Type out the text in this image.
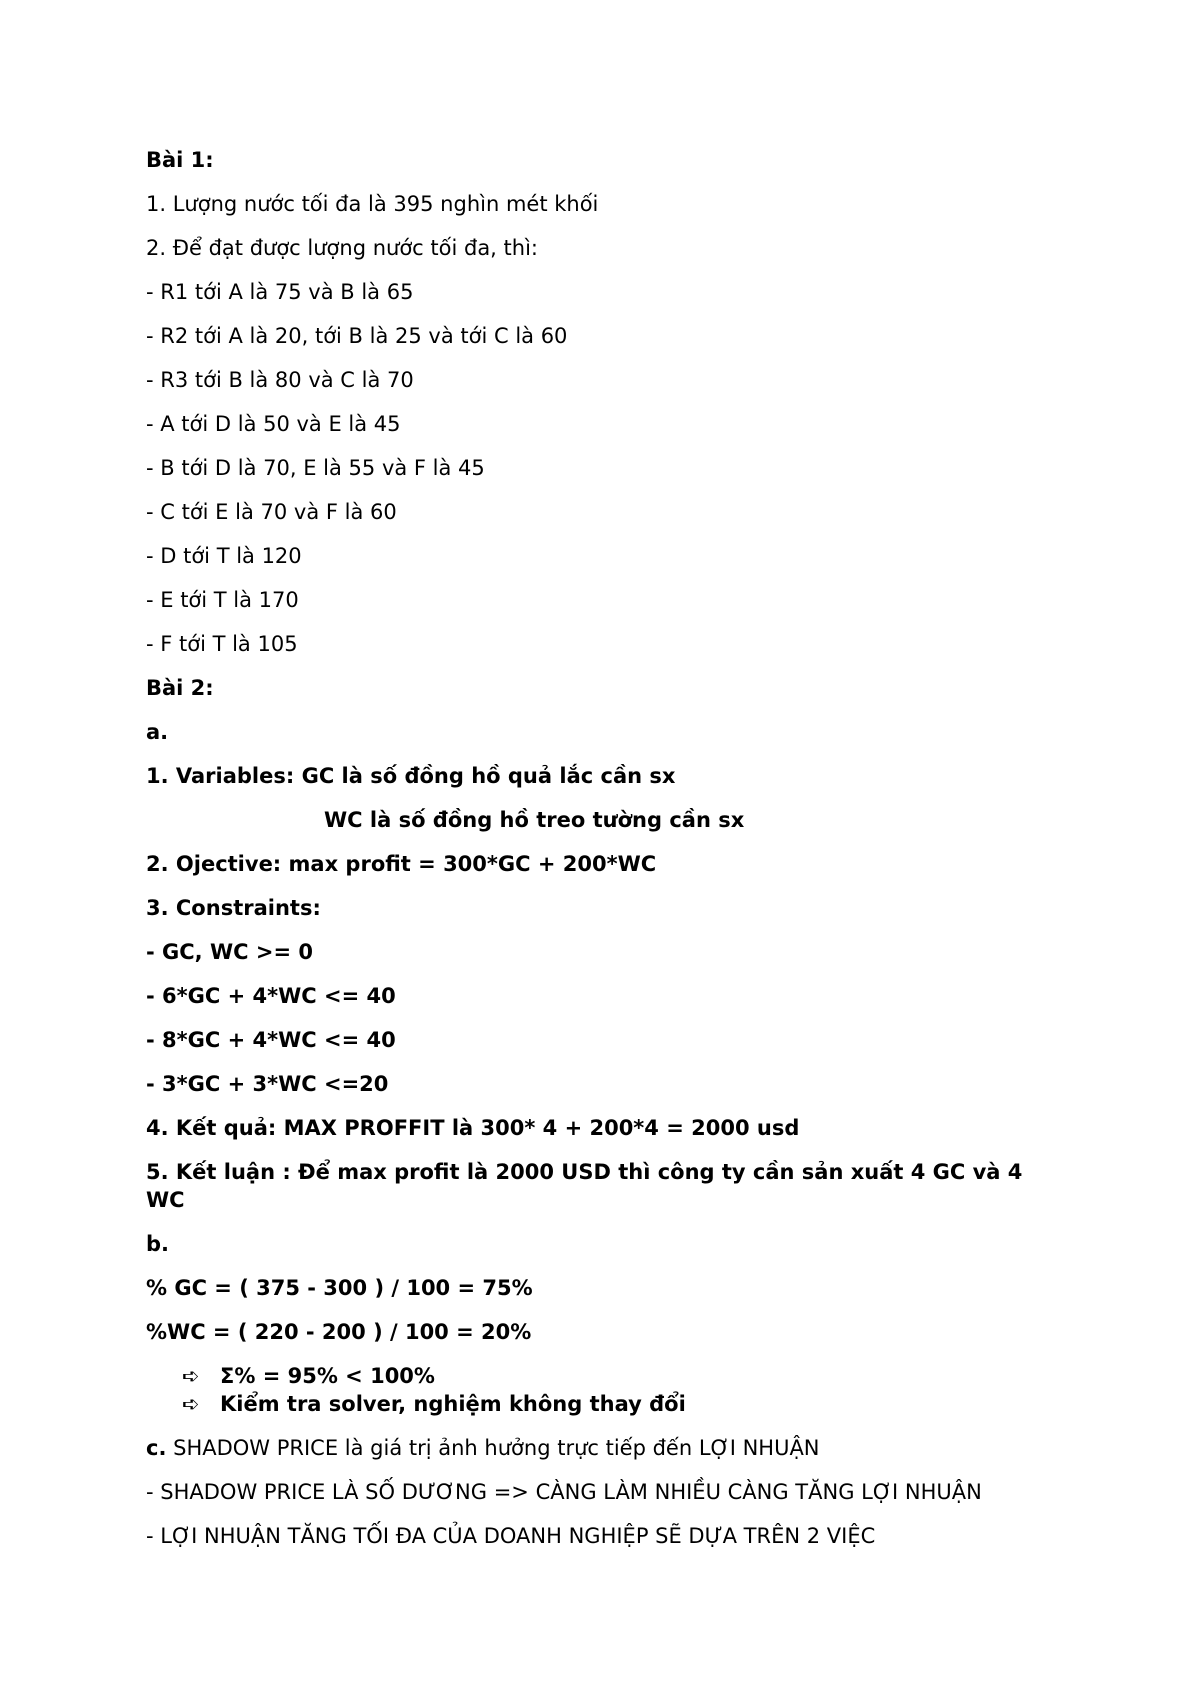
Bài 1:
1. Lượng nước tối đa là 395 nghìn mét khối
2. Để đạt được lượng nước tối đa, thì:
- R1 tới A là 75 và B là 65
- R2 tới A là 20, tới B là 25 và tới C là 60
- R3 tới B là 80 và C là 70
- A tới D là 50 và E là 45
- B tới D là 70, E là 55 và F là 45
- C tới E là 70 và F là 60
- D tới T là 120
- E tới T là 170
- F tới T là 105
Bài 2:
a.
1. Variables: GC là số đồng hồ quả lắc cần sx
WC là số đồng hồ treo tường cần sx
2. Ojective: max profit = 300*GC + 200*WC
3. Constraints:
- GC, WC >= 0
- 6*GC + 4*WC <= 40
- 8*GC + 4*WC <= 40
- 3*GC + 3*WC <=20
4. Kết quả: MAX PROFFIT là 300* 4 + 200*4 = 2000 usd
5. Kết luận : Để max profit là 2000 USD thì công ty cần sản xuất 4 GC và 4 WC
b.
% GC = ( 375 - 300 ) / 100 = 75%
%WC = ( 220 - 200 ) / 100 = 20%
➪ Σ% = 95% < 100%
➪ Kiểm tra solver, nghiệm không thay đổi
c. SHADOW PRICE là giá trị ảnh hưởng trực tiếp đến LỢI NHUẬN
- SHADOW PRICE LÀ SỐ DƯƠNG => CÀNG LÀM NHIỀU CÀNG TĂNG LỢI NHUẬN
- LỢI NHUẬN TĂNG TỐI ĐA CỦA DOANH NGHIỆP SẼ DỰA TRÊN 2 VIỆC
